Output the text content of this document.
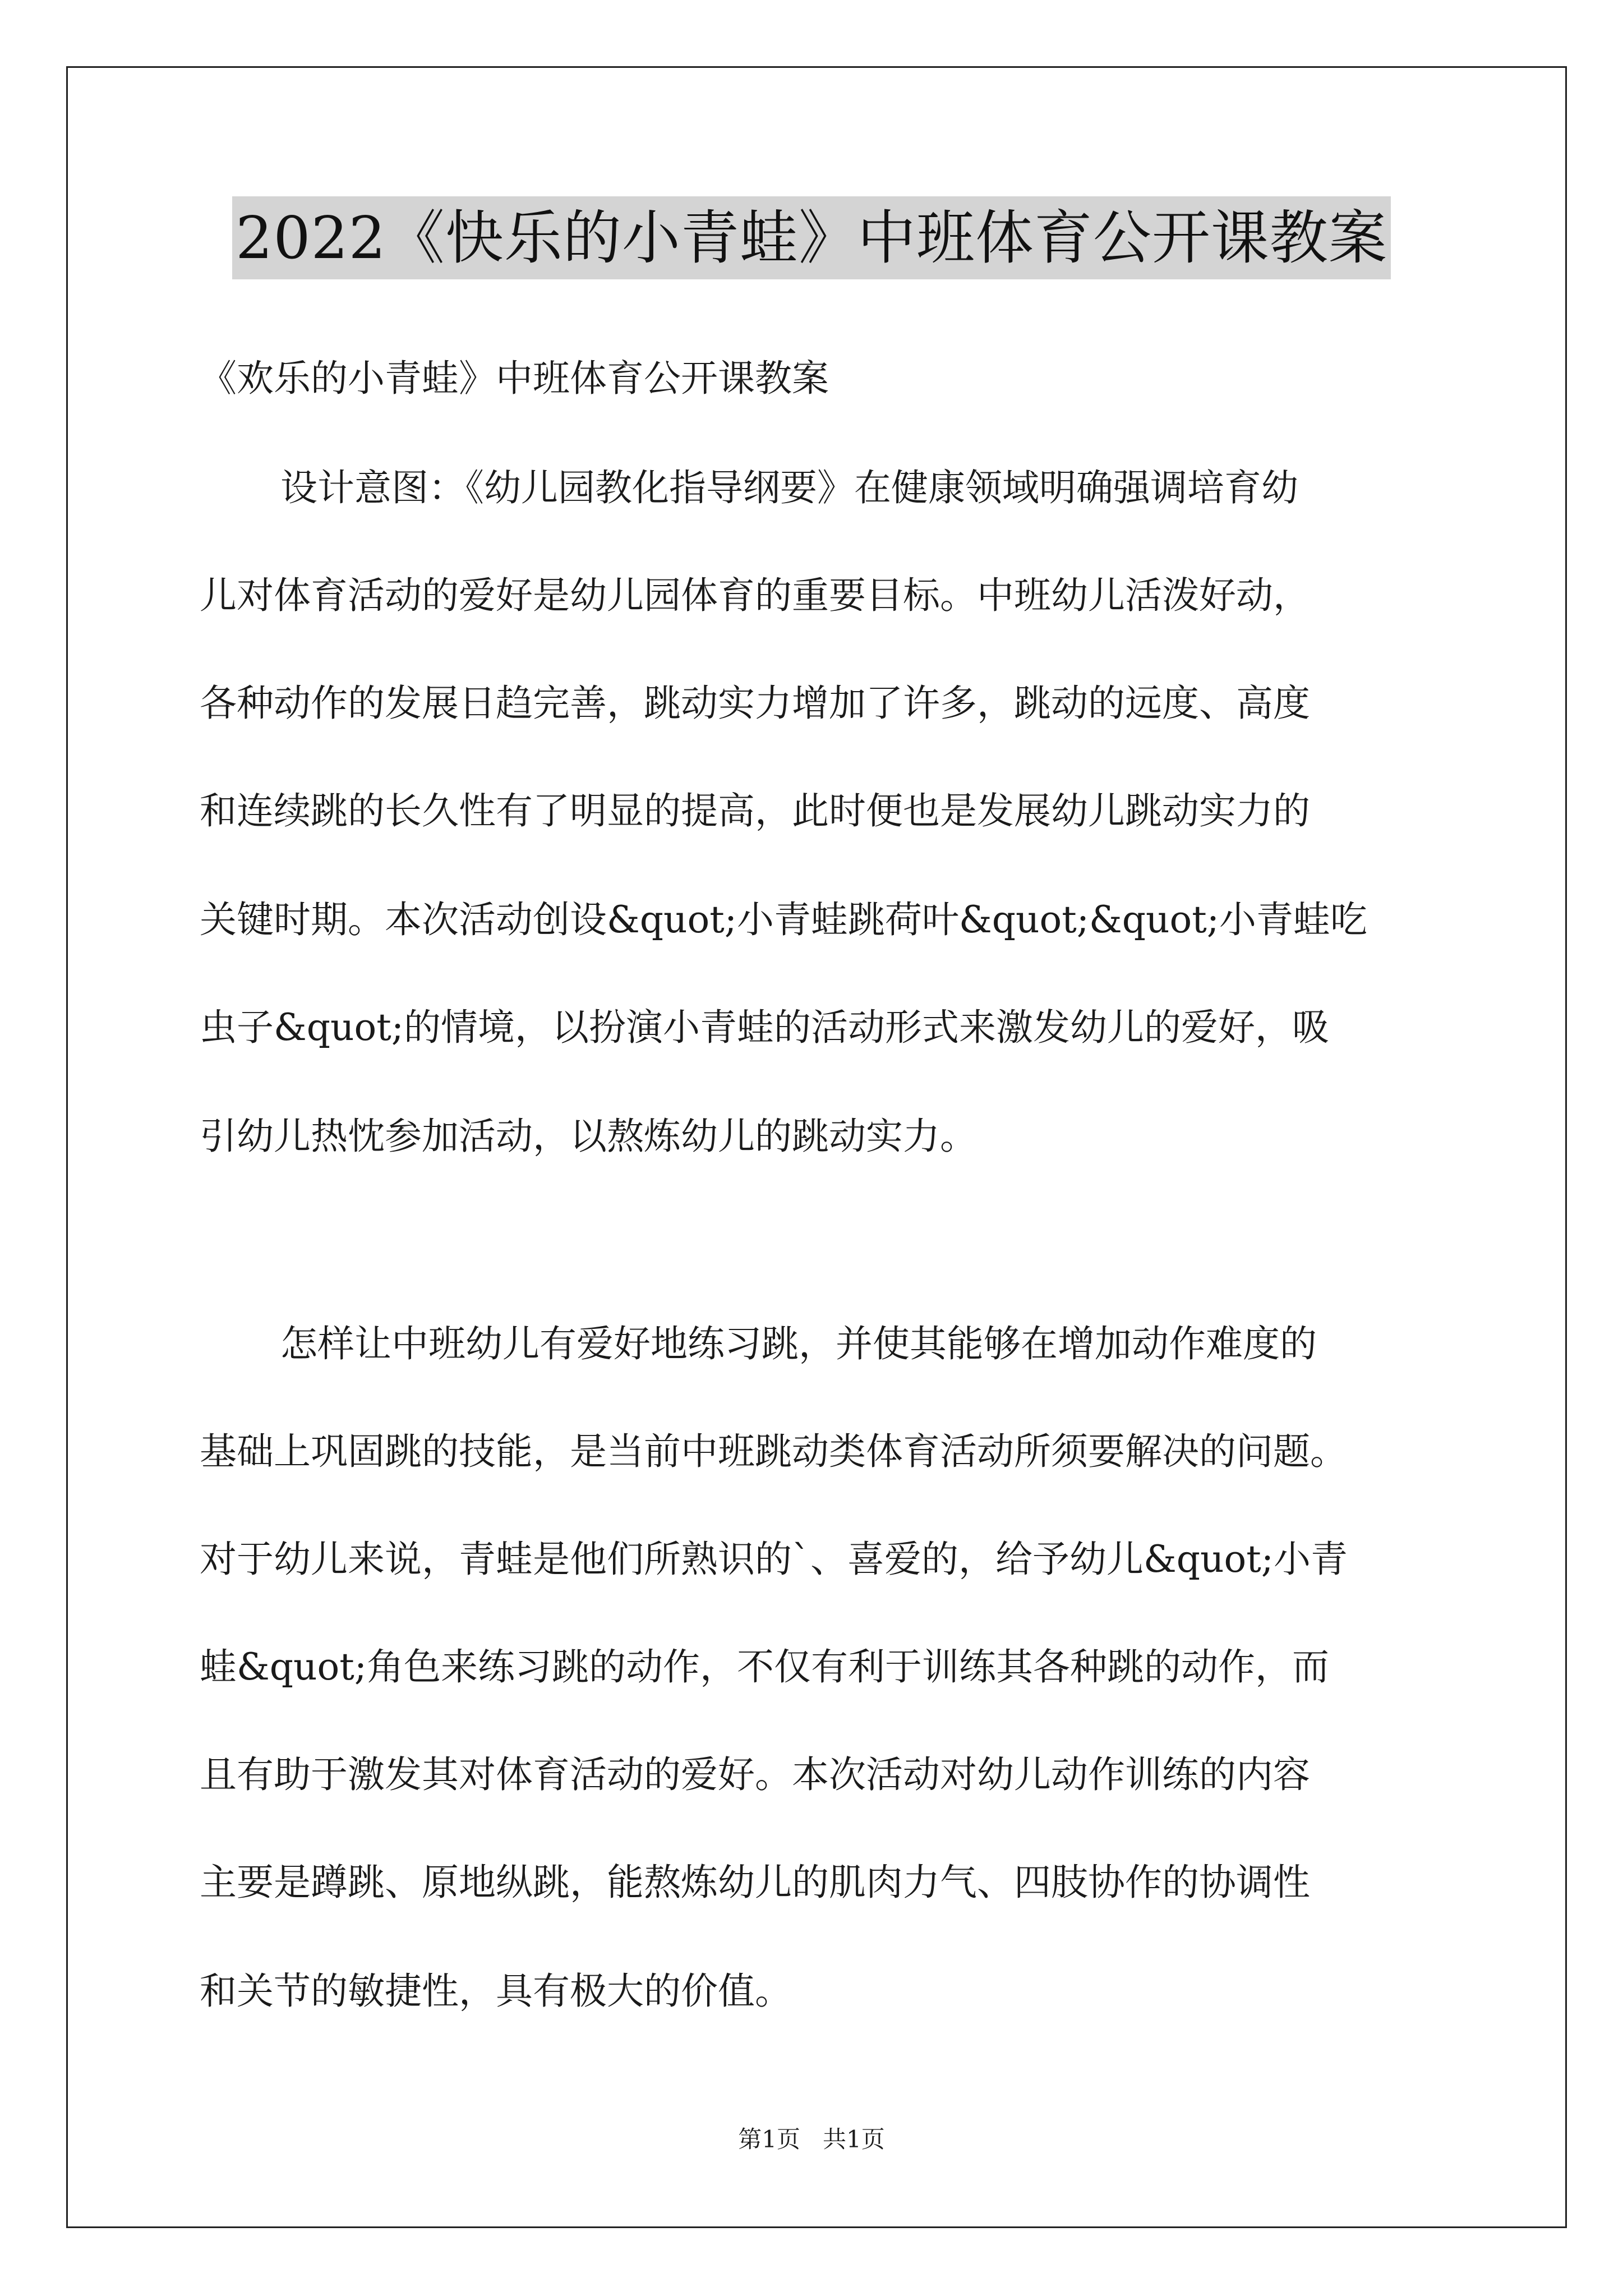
2022《快乐的小青蛙》中班体育公开课教案
《欢乐的小青蛙》中班体育公开课教案
设计意图：《幼儿园教化指导纲要》在健康领域明确强调培育幼
儿对体育活动的爱好是幼儿园体育的重要目标。中班幼儿活泼好动，
各种动作的发展日趋完善，跳动实力增加了许多，跳动的远度、高度
和连续跳的长久性有了明显的提高，此时便也是发展幼儿跳动实力的
关键时期。本次活动创设&quot;小青蛙跳荷叶&quot;&quot;小青蛙吃
虫子&quot;的情境，以扮演小青蛙的活动形式来激发幼儿的爱好，吸
引幼儿热忱参加活动，以熬炼幼儿的跳动实力。
怎样让中班幼儿有爱好地练习跳，并使其能够在增加动作难度的
基础上巩固跳的技能，是当前中班跳动类体育活动所须要解决的问题。
对于幼儿来说，青蛙是他们所熟识的`、喜爱的，给予幼儿&quot;小青
蛙&quot;角色来练习跳的动作，不仅有利于训练其各种跳的动作，而
且有助于激发其对体育活动的爱好。本次活动对幼儿动作训练的内容
主要是蹲跳、原地纵跳，能熬炼幼儿的肌肉力气、四肢协作的协调性
和关节的敏捷性，具有极大的价值。
第1页   共1页
